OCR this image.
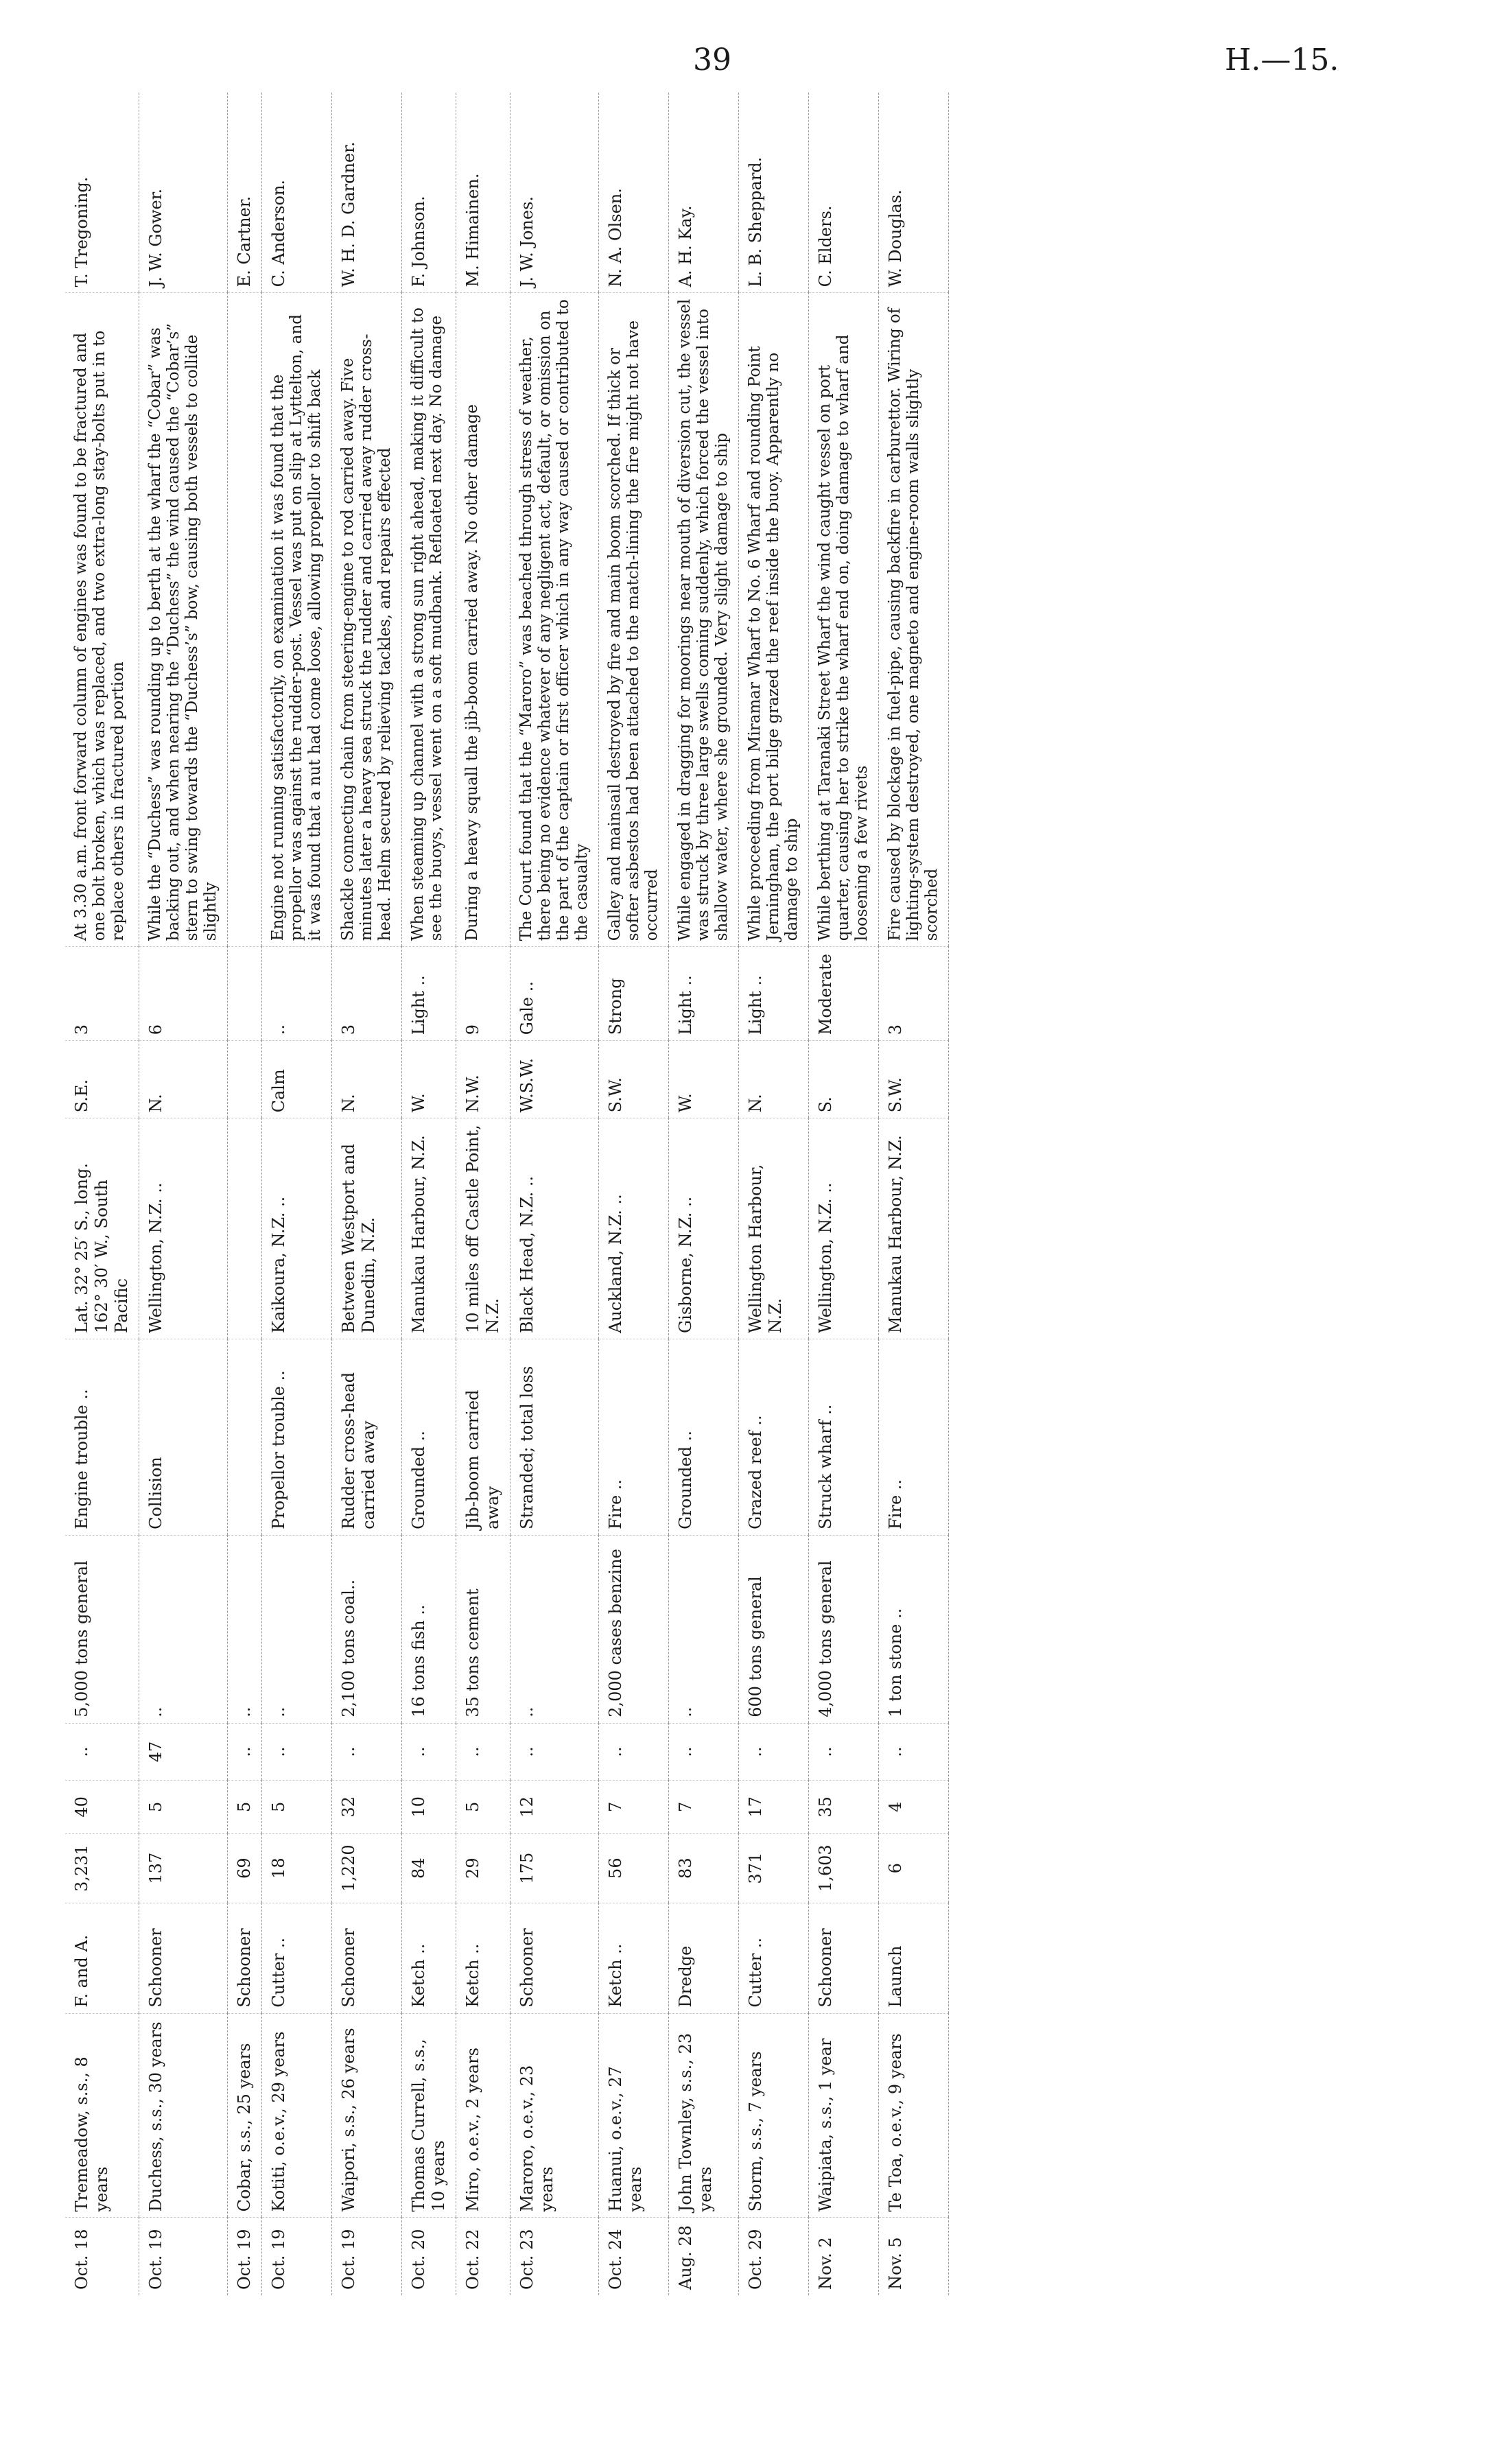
39	H.—15.
Oct. 18	Tremeadow, s.s., 8 years	F. and A.	3,231	40	..	5,000 tons general	Engine trouble ..	Lat. 32° 25′ S., long. 162° 30′ W., South Pacific	S.E.	3	At 3.30 a.m. front forward column of engines was found to be fractured and one bolt broken, which was replaced, and two extra-long stay-bolts put in to replace others in fractured portion	T. Tregoning.
Oct. 19	Duchess, s.s., 30 years	Schooner	137	5	47	..	Collision	Wellington, N.Z. ..	N.	6	While the “Duchess” was rounding up to berth at the wharf the “Cobar” was backing out, and when nearing the “Duchess” the wind caused the “Cobar’s” stern to swing towards the “Duchess’s” bow, causing both vessels to collide slightly	J. W. Gower.
Oct. 19	Cobar, s.s., 25 years	Schooner	69	5	..	..						E. Cartner.
Oct. 19	Kotiti, o.e.v., 29 years	Cutter ..	18	5	..	..	Propellor trouble ..	Kaikoura, N.Z. ..	Calm	..	Engine not running satisfactorily, on examination it was found that the propellor was against the rudder-post. Vessel was put on slip at Lyttelton, and it was found that a nut had come loose, allowing propellor to shift back	C. Anderson.
Oct. 19	Waipori, s.s., 26 years	Schooner	1,220	32	..	2,100 tons coal..	Rudder cross-head carried away	Between Westport and Dunedin, N.Z.	N.	3	Shackle connecting chain from steering-engine to rod carried away. Five minutes later a heavy sea struck the rudder and carried away rudder cross-head. Helm secured by relieving tackles, and repairs effected	W. H. D. Gardner.
Oct. 20	Thomas Currell, s.s., 10 years	Ketch ..	84	10	..	16 tons fish ..	Grounded ..	Manukau Harbour, N.Z.	W.	Light ..	When steaming up channel with a strong sun right ahead, making it difficult to see the buoys, vessel went on a soft mudbank. Refloated next day. No damage	F. Johnson.
Oct. 22	Miro, o.e.v., 2 years	Ketch ..	29	5	..	35 tons cement	Jib-boom carried away	10 miles off Castle Point, N.Z.	N.W.	9	During a heavy squall the jib-boom carried away. No other damage	M. Himainen.
Oct. 23	Maroro, o.e.v., 23 years	Schooner	175	12	..	..	Stranded; total loss	Black Head, N.Z. ..	W.S.W.	Gale ..	The Court found that the “Maroro” was beached through stress of weather, there being no evidence whatever of any negligent act, default, or omission on the part of the captain or first officer which in any way caused or contributed to the casualty	J. W. Jones.
Oct. 24	Huanui, o.e.v., 27 years	Ketch ..	56	7	..	2,000 cases benzine	Fire ..	Auckland, N.Z. ..	S.W.	Strong	Galley and mainsail destroyed by fire and main boom scorched. If thick or softer asbestos had been attached to the match-lining the fire might not have occurred	N. A. Olsen.
Aug. 28	John Townley, s.s., 23 years	Dredge	83	7	..	..	Grounded ..	Gisborne, N.Z. ..	W.	Light ..	While engaged in dragging for moorings near mouth of diversion cut, the vessel was struck by three large swells coming suddenly, which forced the vessel into shallow water, where she grounded. Very slight damage to ship	A. H. Kay.
Oct. 29	Storm, s.s., 7 years	Cutter ..	371	17	..	600 tons general	Grazed reef ..	Wellington Harbour, N.Z.	N.	Light ..	While proceeding from Miramar Wharf to No. 6 Wharf and rounding Point Jerningham, the port bilge grazed the reef inside the buoy. Apparently no damage to ship	L. B. Sheppard.
Nov. 2	Waipiata, s.s., 1 year	Schooner	1,603	35	..	4,000 tons general	Struck wharf ..	Wellington, N.Z. ..	S.	Moderate	While berthing at Taranaki Street Wharf the wind caught vessel on port quarter, causing her to strike the wharf end on, doing damage to wharf and loosening a few rivets	C. Elders.
Nov. 5	Te Toa, o.e.v., 9 years	Launch	6	4	..	1 ton stone ..	Fire ..	Manukau Harbour, N.Z.	S.W.	3	Fire caused by blockage in fuel-pipe, causing backfire in carburettor. Wiring of lighting-system destroyed, one magneto and engine-room walls slightly scorched	W. Douglas.
